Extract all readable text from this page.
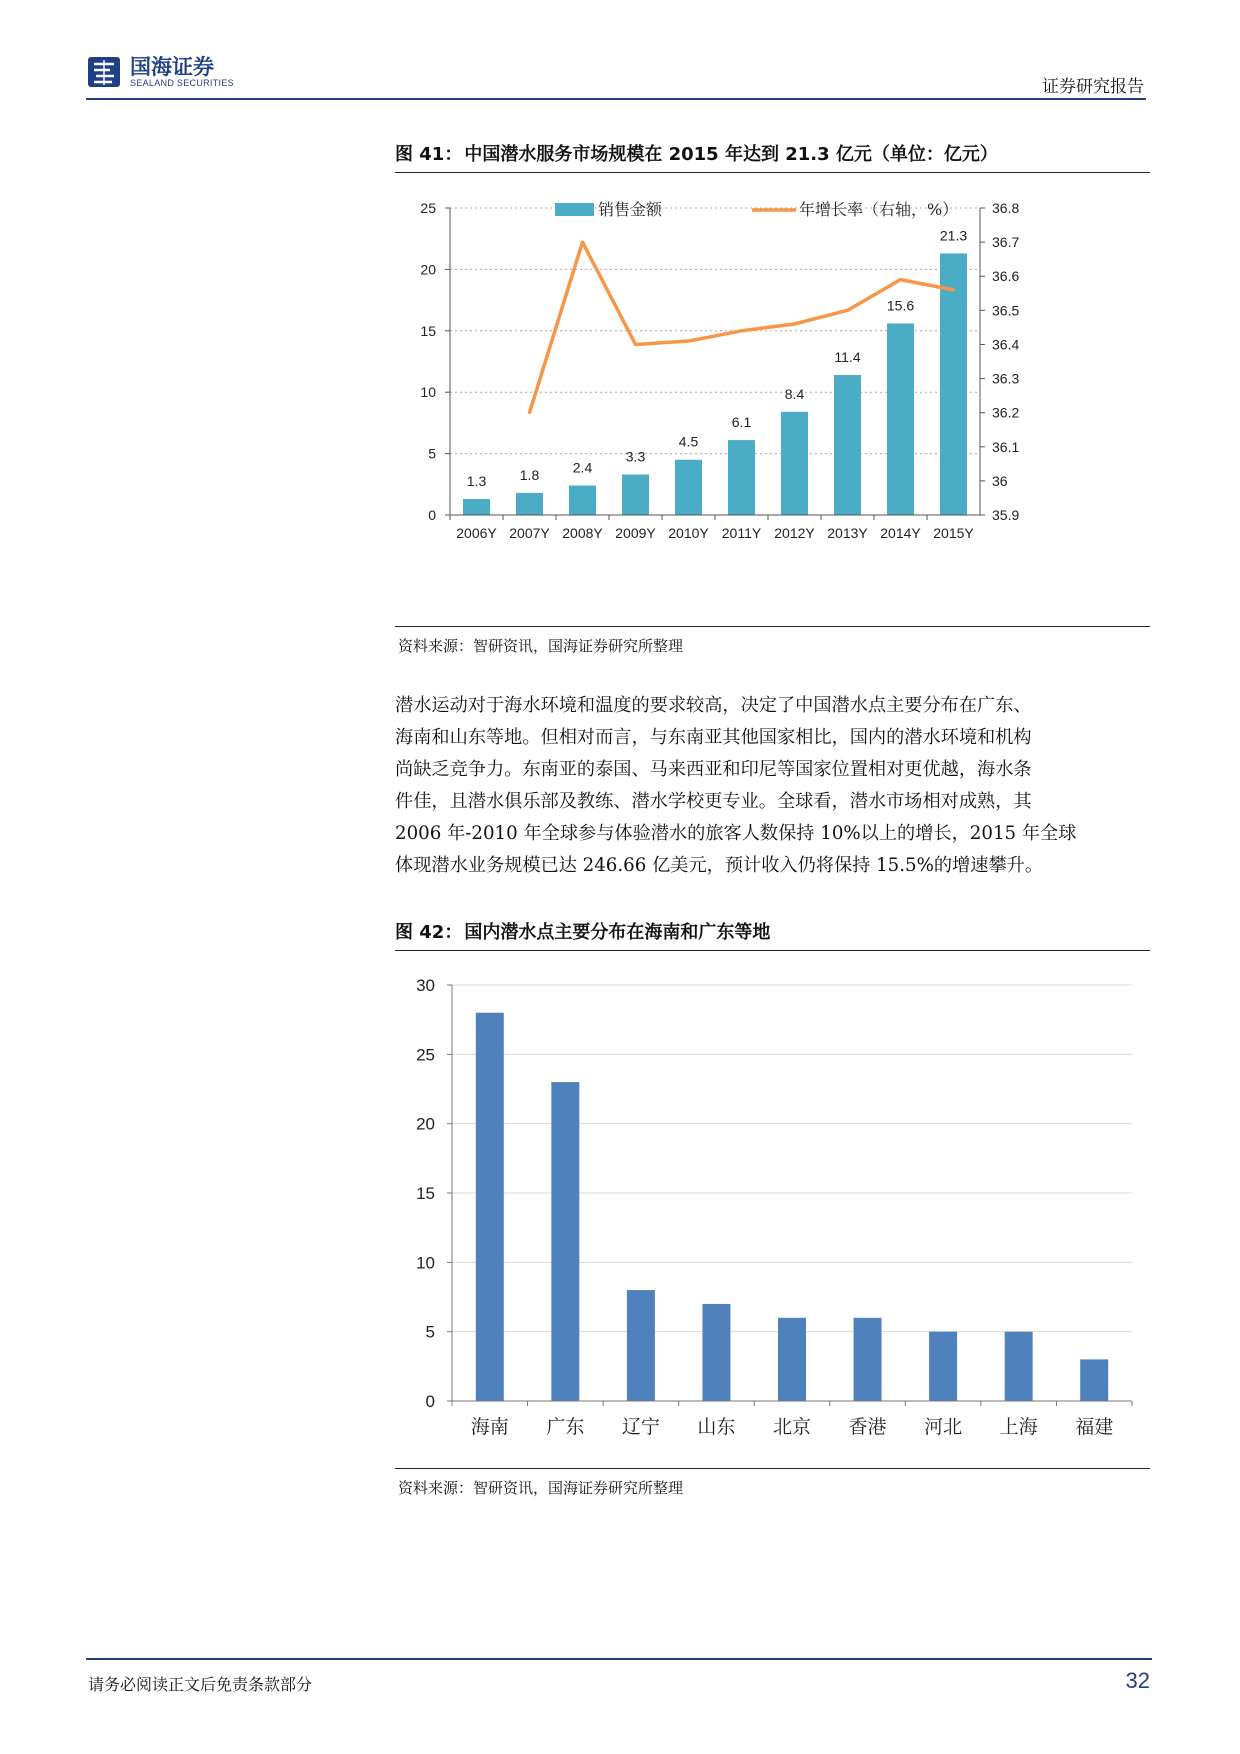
国海证券
SEALAND SECURITIES	证券研究报告
图 41： 中国潜水服务市场规模在 2015 年达到 21.3 亿元（单位：亿元）
1.3 1.8 2.4
3.3
4.5
6.1
8.4
11.4
15.6
21.3
0
5
10
15
20
25
35.9
36
36.1
36.2
36.3
36.4
36.5
36.6
36.7
36.8
2006Y 2007Y 2008Y 2009Y 2010Y 2011Y 2012Y 2013Y 2014Y 2015Y
销售金额	年增长率（右轴，%）
资料来源：智研资讯，国海证券研究所整理

潜水运动对于海水环境和温度的要求较高，决定了中国潜水点主要分布在广东、

海南和山东等地。但相对而言，与东南亚其他国家相比，国内的潜水环境和机构

尚缺乏竞争力。东南亚的泰国、马来西亚和印尼等国家位置相对更优越，海水条

件佳，且潜水俱乐部及教练、潜水学校更专业。全球看，潜水市场相对成熟，其

2006 年-2010 年全球参与体验潜水的旅客人数保持 10%以上的增长，2015 年全球

体现潜水业务规模已达 246.66 亿美元，预计收入仍将保持 15.5%的增速攀升。

图 42： 国内潜水点主要分布在海南和广东等地
0
5
10
15
20
25
30
海南 广东 辽宁 山东 北京 香港 河北 上海 福建
资料来源：智研资讯，国海证券研究所整理
请务必阅读正文后免责条款部分	32
